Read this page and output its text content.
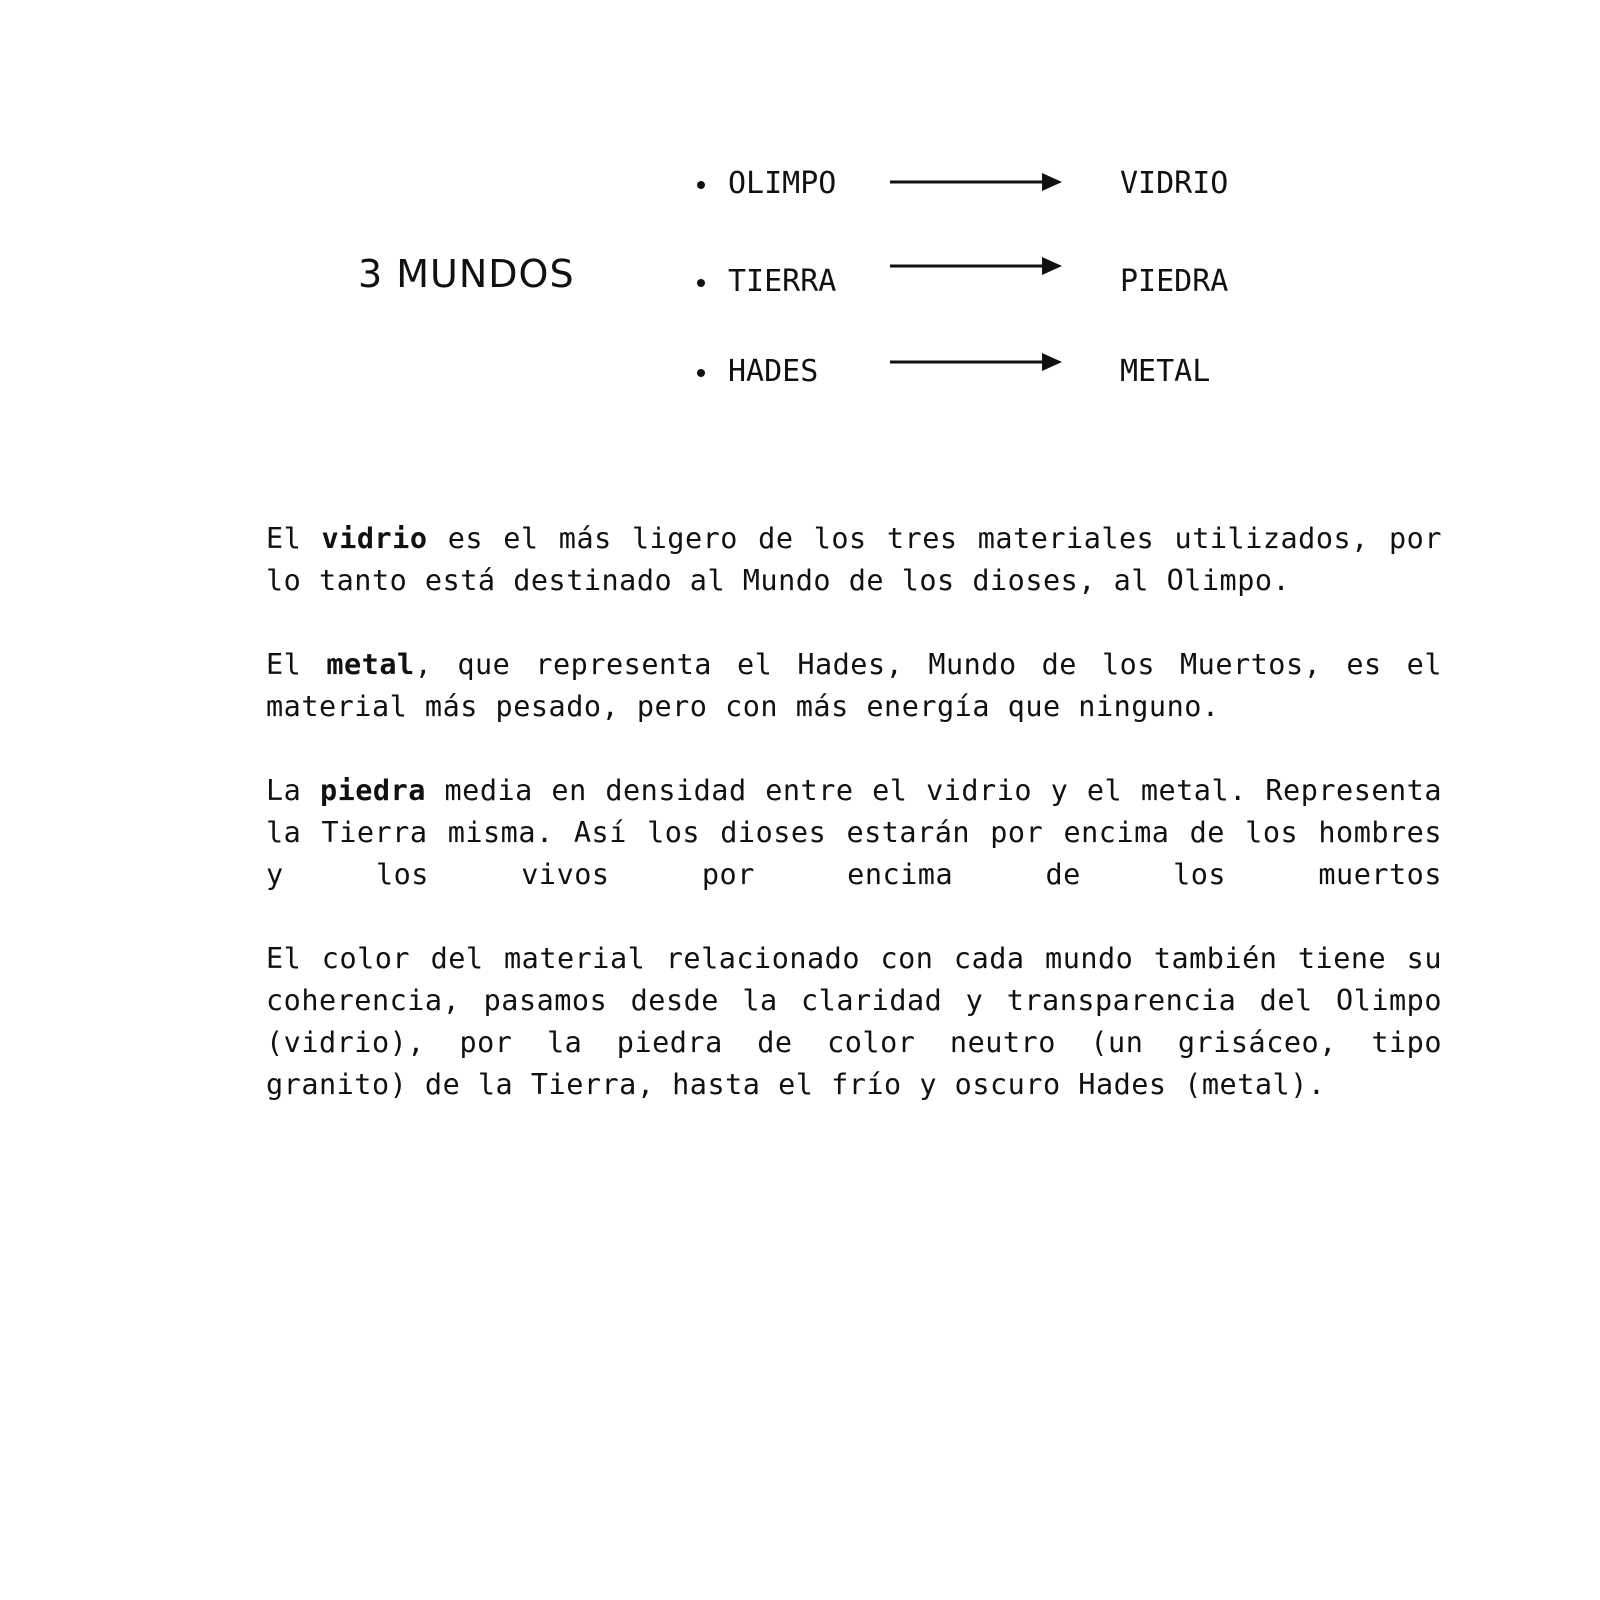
3 MUNDOS
OLIMPO	VIDRIO
TIERRA	PIEDRA
HADES	METAL

El vidrio es el más ligero de los tres materiales utilizados, por lo tanto está destinado al Mundo de los dioses, al Olimpo.

El metal, que representa el Hades, Mundo de los Muertos, es el material más pesado, pero con más energía que ninguno.

La piedra media en densidad entre el vidrio y el metal. Representa la Tierra misma. Así los dioses estarán por encima de los hombres y los vivos por encima de los muertos

El color del material relacionado con cada mundo también tiene su coherencia, pasamos desde la claridad y transparencia del Olimpo (vidrio), por la piedra de color neutro (un grisáceo, tipo granito) de la Tierra, hasta el frío y oscuro Hades (metal).
